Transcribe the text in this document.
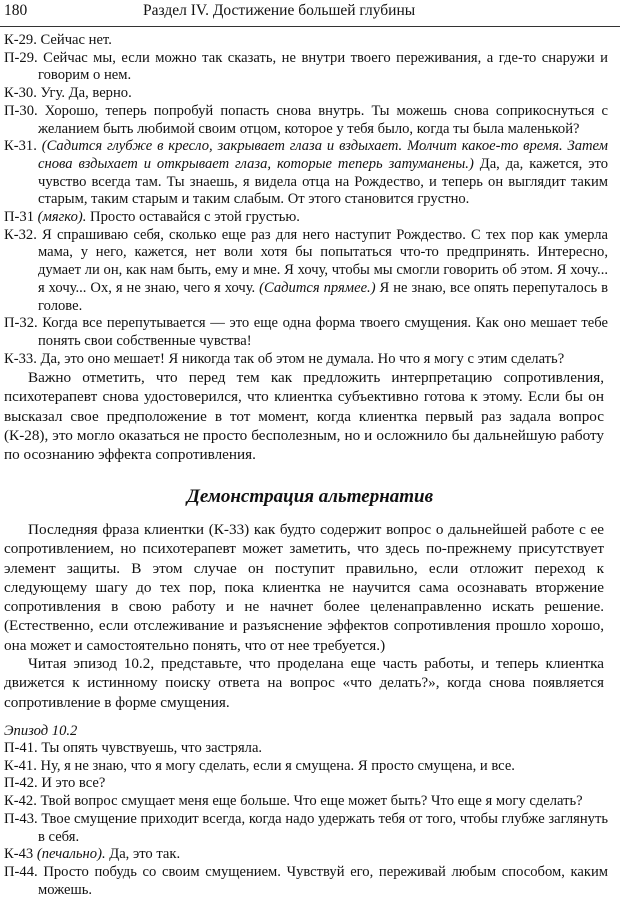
180	Раздел IV. Достижение большей глубины

К-29. Сейчас нет.

П-29. Сейчас мы, если можно так сказать, не внутри твоего переживания, а где-то снаружи и говорим о нем.

К-30. Угу. Да, верно.

П-30. Хорошо, теперь попробуй попасть снова внутрь. Ты можешь снова соприкоснуться с желанием быть любимой своим отцом, которое у тебя было, когда ты была маленькой?

К-31. (Садится глубже в кресло, закрывает глаза и вздыхает. Молчит какое-то время. Затем снова вздыхает и открывает глаза, которые теперь затуманены.) Да, да, кажется, это чувство всегда там. Ты знаешь, я видела отца на Рождество, и теперь он выглядит таким старым, таким старым и таким слабым. От этого становится грустно.

П-31 (мягко). Просто оставайся с этой грустью.

К-32. Я спрашиваю себя, сколько еще раз для него наступит Рождество. С тех пор как умерла мама, у него, кажется, нет воли хотя бы попытаться что-то предпринять. Интересно, думает ли он, как нам быть, ему и мне. Я хочу, чтобы мы смогли говорить об этом. Я хочу... я хочу... Ох, я не знаю, чего я хочу. (Садится прямее.) Я не знаю, все опять перепуталось в голове.

П-32. Когда все перепутывается — это еще одна форма твоего смущения. Как оно мешает тебе понять свои собственные чувства!

К-33. Да, это оно мешает! Я никогда так об этом не думала. Но что я могу с этим сделать?

Важно отметить, что перед тем как предложить интерпретацию сопротивления, психотерапевт снова удостоверился, что клиентка субъективно готова к этому. Если бы он высказал свое предположение в тот момент, когда клиентка первый раз задала вопрос (К-28), это могло оказаться не просто бесполезным, но и осложнило бы дальнейшую работу по осознанию эффекта сопротивления.

Демонстрация альтернатив

Последняя фраза клиентки (К-33) как будто содержит вопрос о дальнейшей работе с ее сопротивлением, но психотерапевт может заметить, что здесь по-прежнему присутствует элемент защиты. В этом случае он поступит правильно, если отложит переход к следующему шагу до тех пор, пока клиентка не научится сама осознавать вторжение сопротивления в свою работу и не начнет более целенаправленно искать решение. (Естественно, если отслеживание и разъяснение эффектов сопротивления прошло хорошо, она может и самостоятельно понять, что от нее требуется.)

Читая эпизод 10.2, представьте, что проделана еще часть работы, и теперь клиентка движется к истинному поиску ответа на вопрос «что делать?», когда снова появляется сопротивление в форме смущения.

Эпизод 10.2

П-41. Ты опять чувствуешь, что застряла.

К-41. Ну, я не знаю, что я могу сделать, если я смущена. Я просто смущена, и все.

П-42. И это все?

К-42. Твой вопрос смущает меня еще больше. Что еще может быть? Что еще я могу сделать?

П-43. Твое смущение приходит всегда, когда надо удержать тебя от того, чтобы глубже заглянуть в себя.

К-43 (печально). Да, это так.

П-44. Просто побудь со своим смущением. Чувствуй его, переживай любым способом, каким можешь.
